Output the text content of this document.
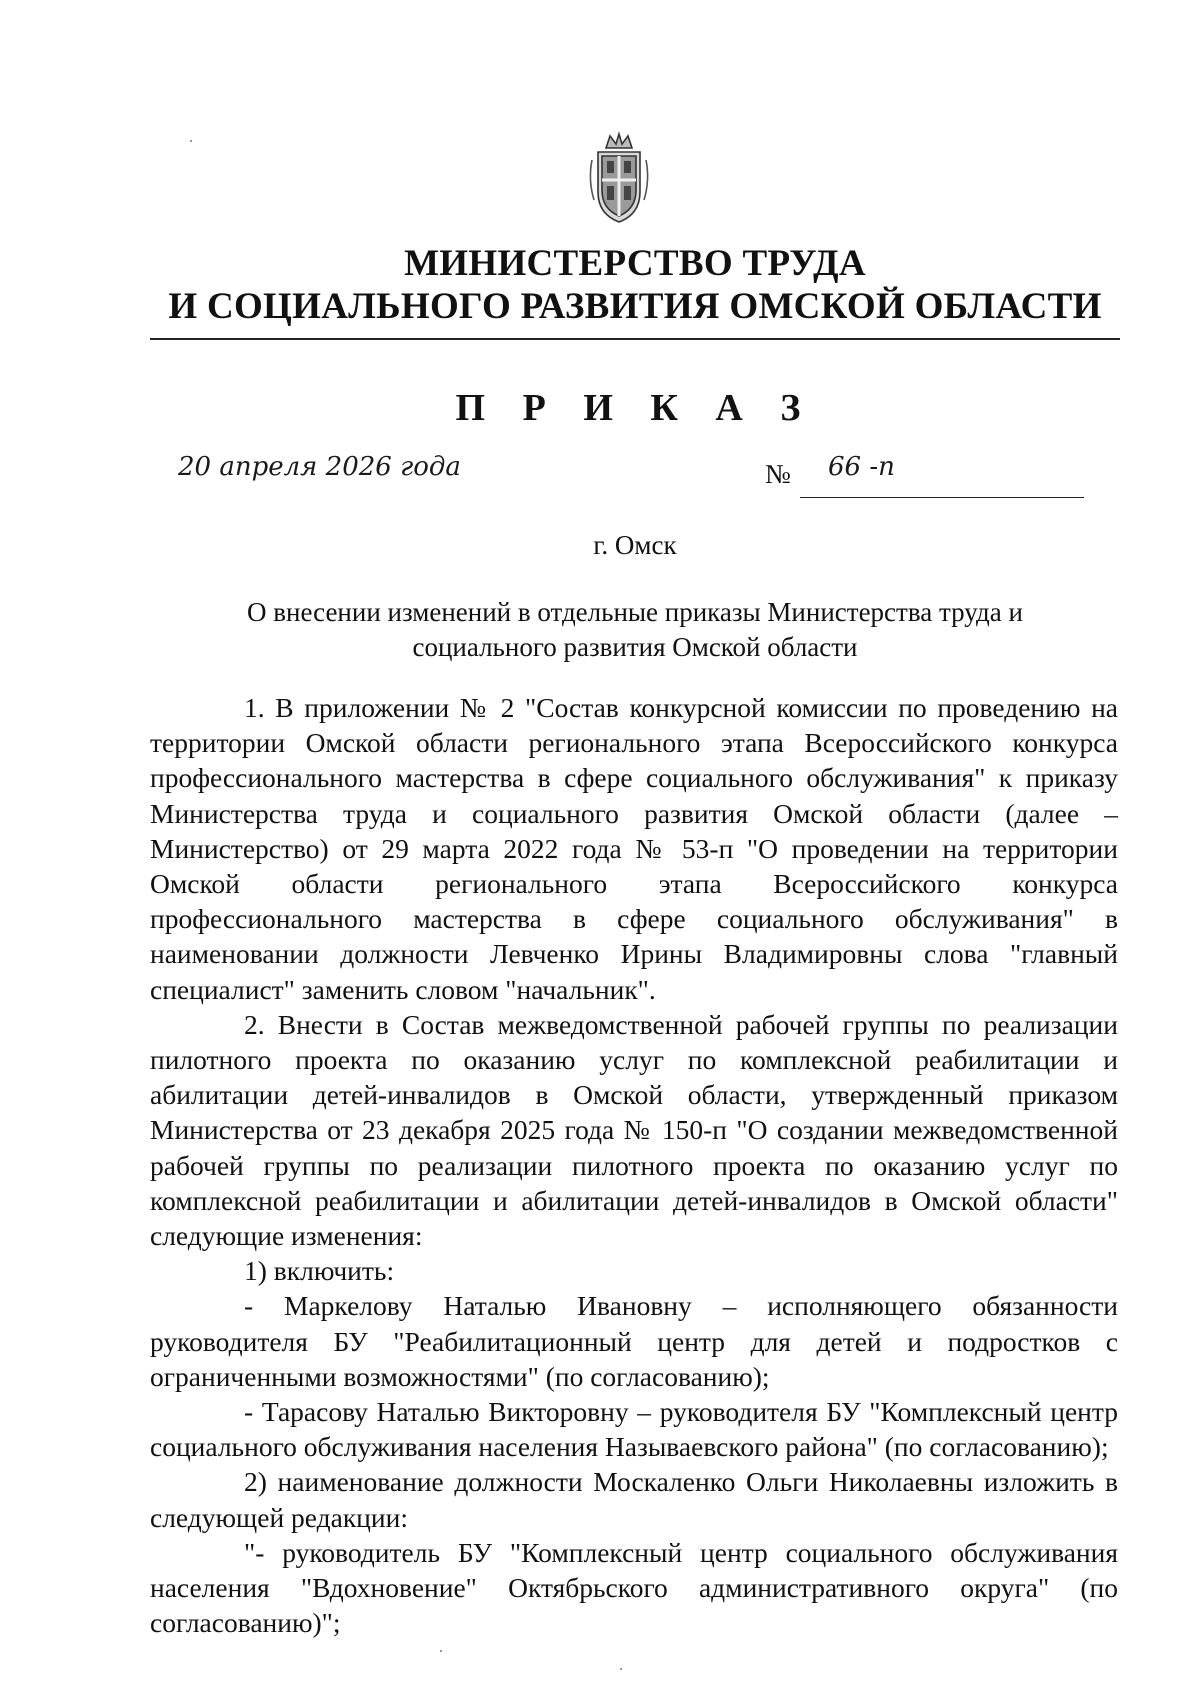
МИНИСТЕРСТВО ТРУДА
И СОЦИАЛЬНОГО РАЗВИТИЯ ОМСКОЙ ОБЛАСТИ
П Р И К А З
20 апреля 2026 года	№ 66 -п
г. Омск
О внесении изменений в отдельные приказы Министерства труда и
социального развития Омской области

1. В приложении № 2 "Состав конкурсной комиссии по проведению на территории Омской области регионального этапа Всероссийского конкурса профессионального мастерства в сфере социального обслуживания" к приказу Министерства труда и социального развития Омской области (далее – Министерство) от 29 марта 2022 года № 53-п "О проведении на территории Омской области регионального этапа Всероссийского конкурса профессионального мастерства в сфере социального обслуживания" в наименовании должности Левченко Ирины Владимировны слова "главный специалист" заменить словом "начальник".

2. Внести в Состав межведомственной рабочей группы по реализации пилотного проекта по оказанию услуг по комплексной реабилитации и абилитации детей-инвалидов в Омской области, утвержденный приказом Министерства от 23 декабря 2025 года № 150-п "О создании межведомственной рабочей группы по реализации пилотного проекта по оказанию услуг по комплексной реабилитации и абилитации детей-инвалидов в Омской области" следующие изменения:

1) включить:

- Маркелову Наталью Ивановну – исполняющего обязанности руководителя БУ "Реабилитационный центр для детей и подростков с ограниченными возможностями" (по согласованию);

- Тарасову Наталью Викторовну – руководителя БУ "Комплексный центр социального обслуживания населения Называевского района" (по согласованию);

2) наименование должности Москаленко Ольги Николаевны изложить в следующей редакции:

"- руководитель БУ "Комплексный центр социального обслуживания населения "Вдохновение" Октябрьского административного округа" (по согласованию)";
